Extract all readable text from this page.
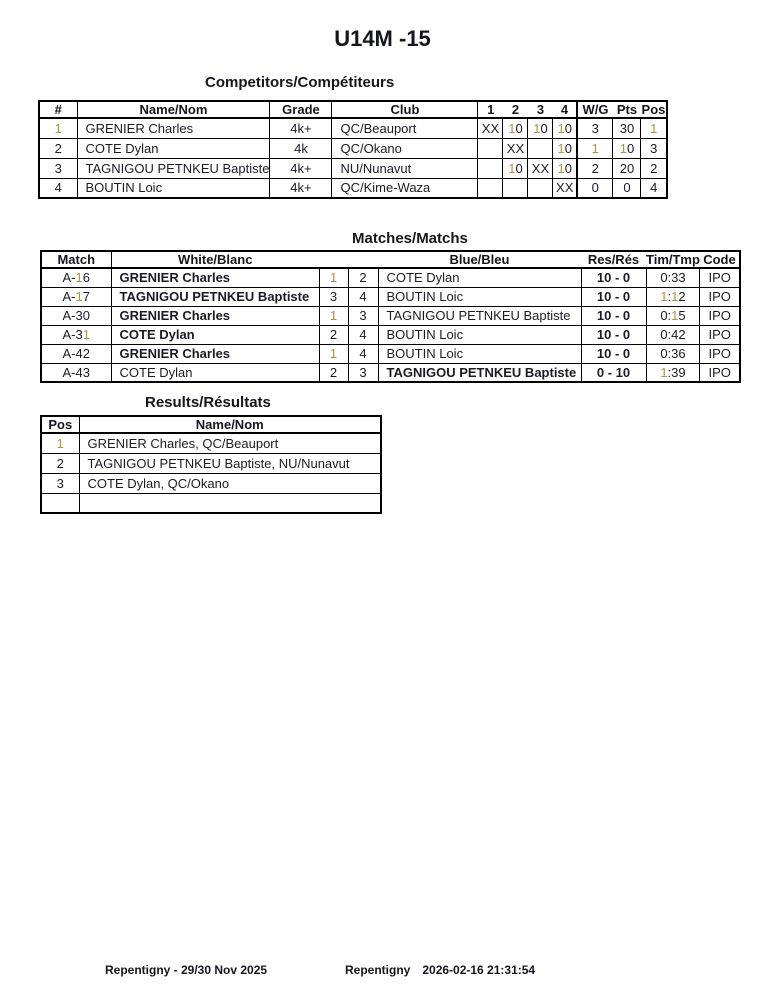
U14M -15
Competitors/Compétiteurs
#	Name/Nom	Grade	Club	1	2	3	4	W/G	Pts	Pos
1	GRENIER Charles	4k+	QC/Beauport	XX	10	10	10	3	30	1
2	COTE Dylan	4k	QC/Okano		XX		10	1	10	3
3	TAGNIGOU PETNKEU Baptiste	4k+	NU/Nunavut		10	XX	10	2	20	2
4	BOUTIN Loic	4k+	QC/Kime-Waza				XX	0	0	4
Matches/Matchs
Match	White/Blanc			Blue/Bleu	Res/Rés	Tim/Tmp	Code
A-16	GRENIER Charles	1	2	COTE Dylan	10 - 0	0:33	IPO
A-17	TAGNIGOU PETNKEU Baptiste	3	4	BOUTIN Loic	10 - 0	1:12	IPO
A-30	GRENIER Charles	1	3	TAGNIGOU PETNKEU Baptiste	10 - 0	0:15	IPO
A-31	COTE Dylan	2	4	BOUTIN Loic	10 - 0	0:42	IPO
A-42	GRENIER Charles	1	4	BOUTIN Loic	10 - 0	0:36	IPO
A-43	COTE Dylan	2	3	TAGNIGOU PETNKEU Baptiste	0 - 10	1:39	IPO
Results/Résultats
Pos	Name/Nom
1	GRENIER Charles, QC/Beauport
2	TAGNIGOU PETNKEU Baptiste, NU/Nunavut
3	COTE Dylan, QC/Okano

Repentigny - 29/30 Nov 2025	Repentigny 2026-02-16 21:31:54
